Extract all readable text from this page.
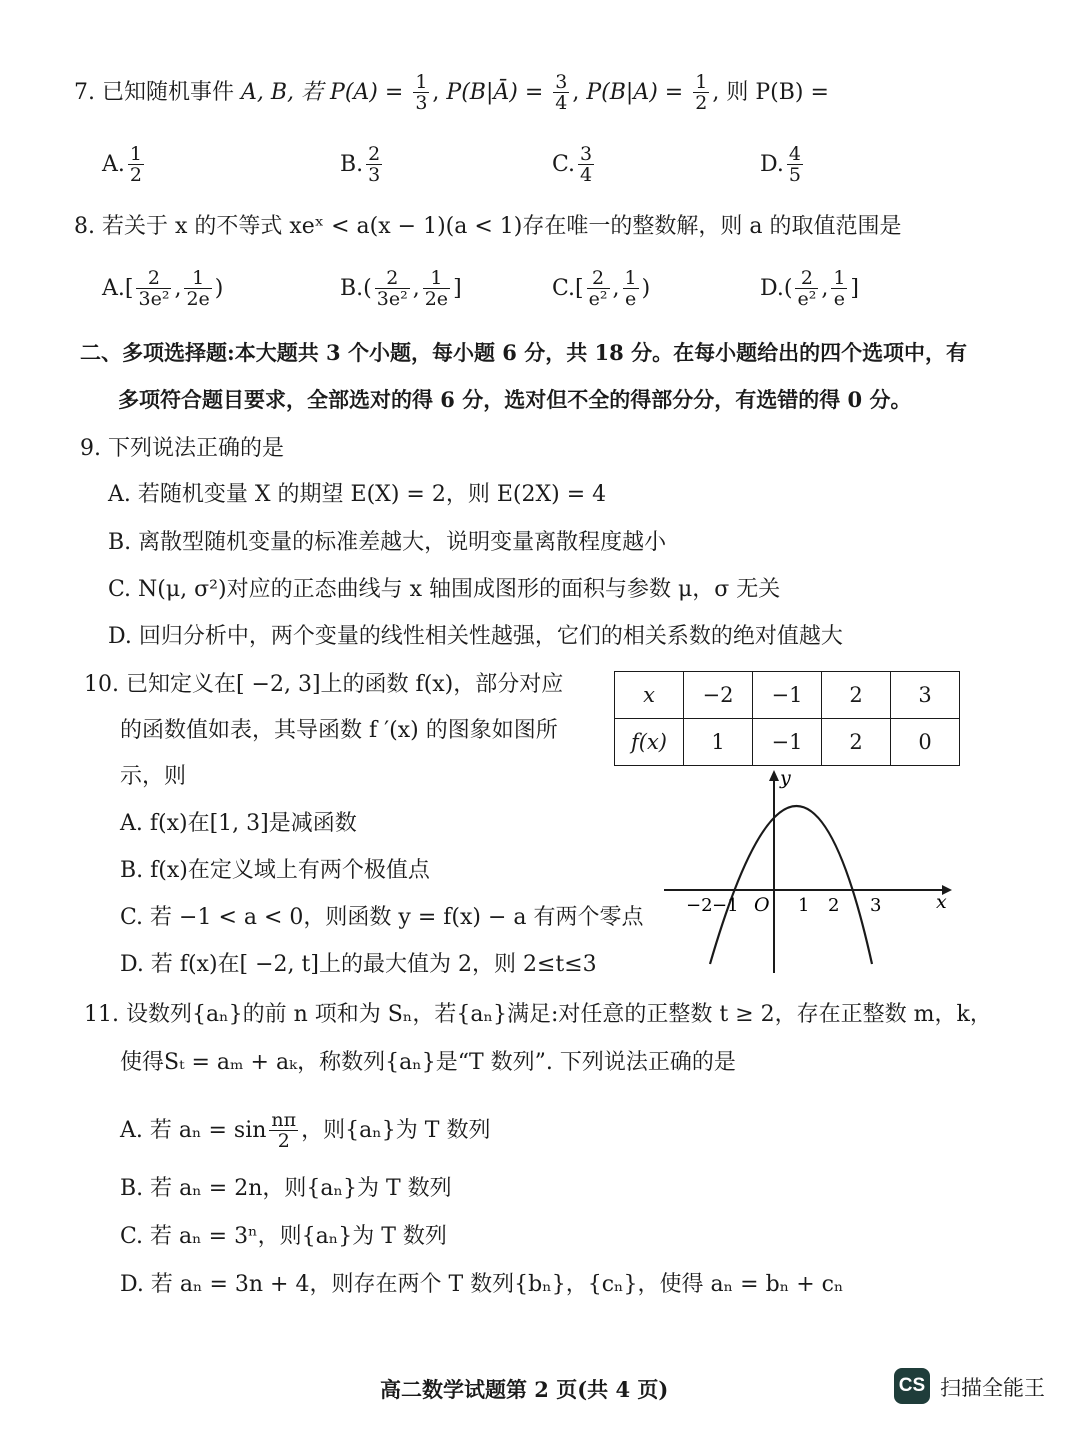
7. 已知随机事件 A, B, 若 $P(A) = \frac{1}{3}$ , P(B|Ā) = $\frac{3}{4}$ , $P(B|A) = \frac{1}{2}$ , 则 P(B) =
A. $\frac{1}{2}$	B. $\frac{2}{3}$	C. $\frac{3}{4}$	D. $\frac{4}{5}$
8. 若关于 x 的不等式 xeˣ < a(x − 1)(a < 1)存在唯一的整数解，则 a 的取值范围是
$A.[ \frac{2}{\text{3e²}}$ , $\frac{1}{2e}$ )	$B.( \frac{2}{\text{3e²}}$ , $\frac{1}{2e}$ ]	$C.[ \frac{2}{\text{e²}}$ , $\frac{1}{e}$ )	$D.( \frac{2}{\text{e²}}$ , $\frac{1}{e}$ ]
二、多项选择题:本大题共 3 个小题，每小题 6 分，共 18 分。在每小题给出的四个选项中，有
多项符合题目要求，全部选对的得 6 分，选对但不全的得部分分，有选错的得 0 分。
9. 下列说法正确的是
A. 若随机变量 X 的期望 E(X) = 2，则 E(2X) = 4
B. 离散型随机变量的标准差越大，说明变量离散程度越小
C. N(μ, σ²)对应的正态曲线与 x 轴围成图形的面积与参数 μ，σ 无关
D. 回归分析中，两个变量的线性相关性越强，它们的相关系数的绝对值越大
10. 已知定义在[ −2, 3]上的函数 f(x)，部分对应
的函数值如表，其导函数 f ′(x) 的图象如图所
示，则
A. f(x)在[1, 3]是减函数
B. f(x)在定义域上有两个极值点
C. 若 −1 < a < 0，则函数 y = f(x) − a 有两个零点
D. 若 f(x)在[ −2, t]上的最大值为 2，则 2≤t≤3
x	−2	−1	2	3
f(x)	1	−1	2	0
y
x
O
−2 −1	1 2 3
11. 设数列{aₙ}的前 n 项和为 Sₙ，若{aₙ}满足:对任意的正整数 t ≥ 2，存在正整数 m，k，
使得Sₜ = aₘ + aₖ，称数列{aₙ}是“T 数列”. 下列说法正确的是
A. 若 $a_n = \sin \frac{n\pi}{2}$ ，则{aₙ}为 T 数列
B. 若 aₙ = 2n，则{aₙ}为 T 数列
C. 若 aₙ = 3ⁿ，则{aₙ}为 T 数列
D. 若 aₙ = 3n + 4，则存在两个 T 数列{bₙ}，{cₙ}，使得 aₙ = bₙ + cₙ
高二数学试题第 2 页(共 4 页)	CS 扫描全能王
